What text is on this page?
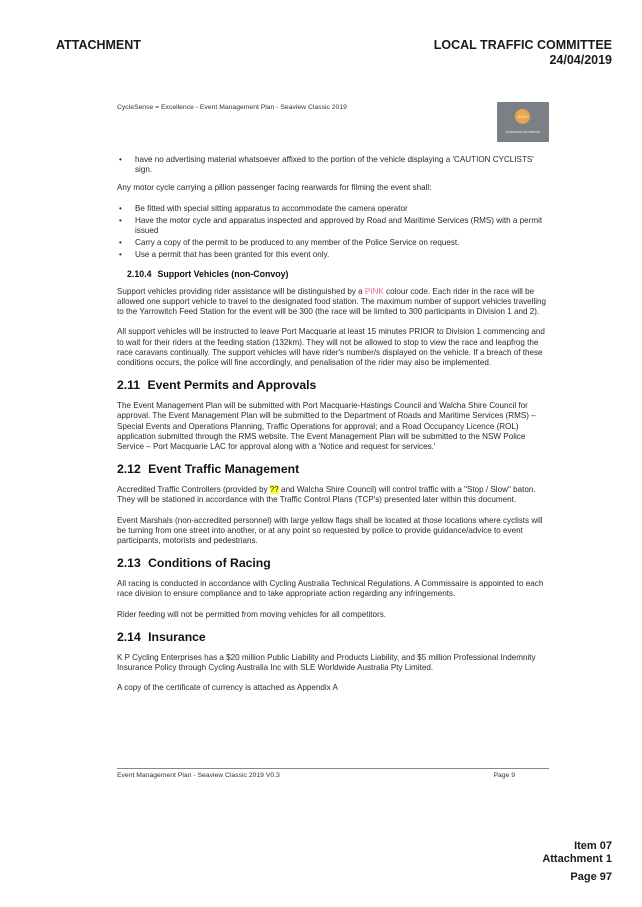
ATTACHMENT	LOCAL TRAFFIC COMMITTEE
24/04/2019
CycleSense = Excellence - Event Management Plan - Seaview Classic 2019
2019
cyclesense=excellence
• have no advertising material whatsoever affixed to the portion of the vehicle displaying a 'CAUTION CYCLISTS' sign.

Any motor cycle carrying a pillion passenger facing rearwards for filming the event shall:

• Be fitted with special sitting apparatus to accommodate the camera operator
• Have the motor cycle and apparatus inspected and approved by Road and Maritime Services (RMS) with a permit issued
• Carry a copy of the permit to be produced to any member of the Police Service on request.
• Use a permit that has been granted for this event only.
2.10.4 Support Vehicles (non-Convoy)

Support vehicles providing rider assistance will be distinguished by a PINK colour code. Each rider in the race will be allowed one support vehicle to travel to the designated food station. The maximum number of support vehicles travelling to the Yarrowitch Feed Station for the event will be 300 (the race will be limited to 300 participants in Division 1 and 2).

All support vehicles will be instructed to leave Port Macquarie at least 15 minutes PRIOR to Division 1 commencing and to wait for their riders at the feeding station (132km). They will not be allowed to stop to view the race and leapfrog the race caravans continually. The support vehicles will have rider's number/s displayed on the vehicle. If a breach of these conditions occurs, the police will fine accordingly, and penalisation of the rider may also be implemented.

2.11 Event Permits and Approvals

The Event Management Plan will be submitted with Port Macquarie-Hastings Council and Walcha Shire Council for approval. The Event Management Plan will be submitted to the Department of Roads and Maritime Services (RMS) – Special Events and Operations Planning, Traffic Operations for approval; and a Road Occupancy Licence (ROL) application submitted through the RMS website. The Event Management Plan will be submitted to the NSW Police Service – Port Macquarie LAC for approval along with a 'Notice and request for services.'

2.12 Event Traffic Management

Accredited Traffic Controllers (provided by ?? and Walcha Shire Council) will control traffic with a "Stop / Slow" baton. They will be stationed in accordance with the Traffic Control Plans (TCP's) presented later within this document.

Event Marshals (non-accredited personnel) with large yellow flags shall be located at those locations where cyclists will be turning from one street into another, or at any point so requested by police to provide guidance/advice to event participants, motorists and pedestrians.

2.13 Conditions of Racing

All racing is conducted in accordance with Cycling Australia Technical Regulations. A Commissaire is appointed to each race division to ensure compliance and to take appropriate action regarding any infringements.

Rider feeding will not be permitted from moving vehicles for all competitors.

2.14 Insurance

K P Cycling Enterprises has a $20 million Public Liability and Products Liability, and $5 million Professional Indemnity Insurance Policy through Cycling Australia Inc with SLE Worldwide Australia Pty Limited.

A copy of the certificate of currency is attached as Appendix A

Event Management Plan - Seaview Classic 2019 V0.3	Page 9
Item 07
Attachment 1
Page 97
